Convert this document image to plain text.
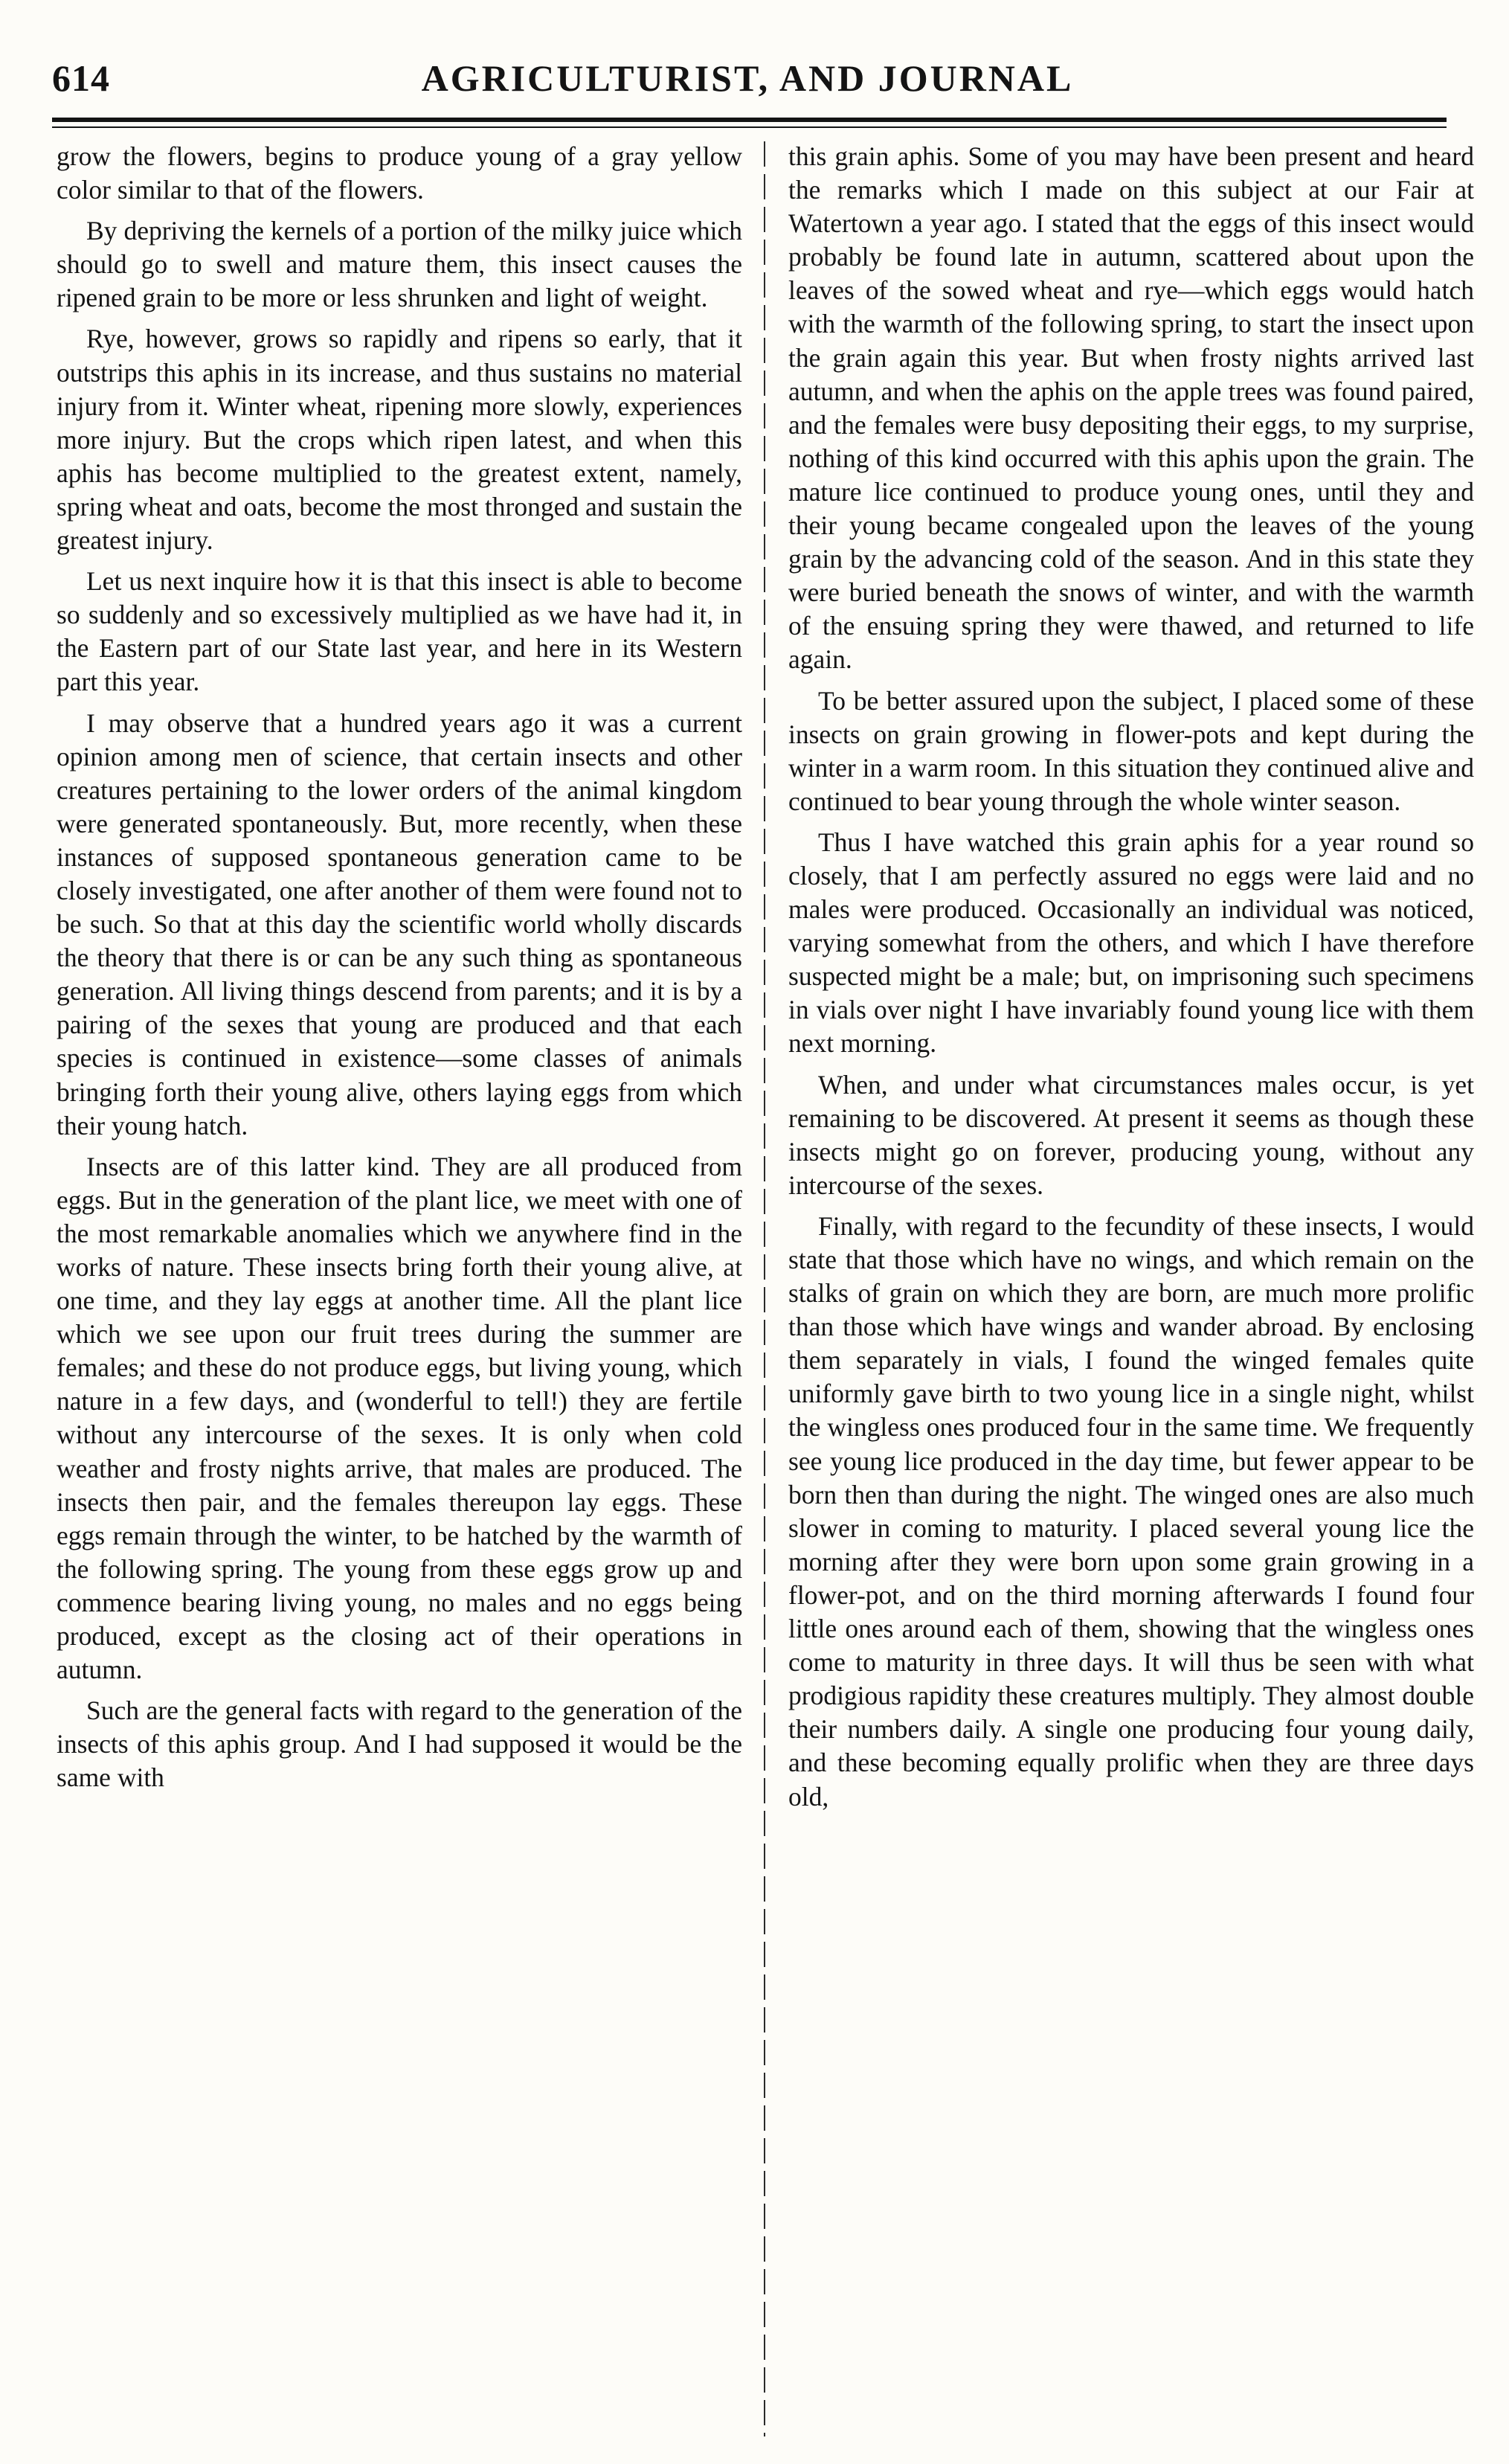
614	AGRICULTURIST, AND JOURNAL

grow the flowers, begins to produce young of a gray yellow color similar to that of the flowers.

By depriving the kernels of a portion of the milky juice which should go to swell and mature them, this insect causes the ripened grain to be more or less shrunken and light of weight.

Rye, however, grows so rapidly and ripens so early, that it outstrips this aphis in its increase, and thus sustains no material injury from it. Winter wheat, ripening more slowly, experiences more injury. But the crops which ripen latest, and when this aphis has become multiplied to the greatest extent, namely, spring wheat and oats, become the most thronged and sustain the greatest injury.

Let us next inquire how it is that this insect is able to become so suddenly and so excessively multiplied as we have had it, in the Eastern part of our State last year, and here in its Western part this year.

I may observe that a hundred years ago it was a current opinion among men of science, that certain insects and other creatures pertaining to the lower orders of the animal kingdom were generated spontaneously. But, more recently, when these instances of supposed spontaneous generation came to be closely investigated, one after another of them were found not to be such. So that at this day the scientific world wholly discards the theory that there is or can be any such thing as spontaneous generation. All living things descend from parents; and it is by a pairing of the sexes that young are produced and that each species is continued in existence—some classes of animals bringing forth their young alive, others laying eggs from which their young hatch.

Insects are of this latter kind. They are all produced from eggs. But in the generation of the plant lice, we meet with one of the most remarkable anomalies which we anywhere find in the works of nature. These insects bring forth their young alive, at one time, and they lay eggs at another time. All the plant lice which we see upon our fruit trees during the summer are females; and these do not produce eggs, but living young, which nature in a few days, and (wonderful to tell!) they are fertile without any intercourse of the sexes. It is only when cold weather and frosty nights arrive, that males are produced. The insects then pair, and the females thereupon lay eggs. These eggs remain through the winter, to be hatched by the warmth of the following spring. The young from these eggs grow up and commence bearing living young, no males and no eggs being produced, except as the closing act of their operations in autumn.

Such are the general facts with regard to the generation of the insects of this aphis group. And I had supposed it would be the same with

this grain aphis. Some of you may have been present and heard the remarks which I made on this subject at our Fair at Watertown a year ago. I stated that the eggs of this insect would probably be found late in autumn, scattered about upon the leaves of the sowed wheat and rye—which eggs would hatch with the warmth of the following spring, to start the insect upon the grain again this year. But when frosty nights arrived last autumn, and when the aphis on the apple trees was found paired, and the females were busy depositing their eggs, to my surprise, nothing of this kind occurred with this aphis upon the grain. The mature lice continued to produce young ones, until they and their young became congealed upon the leaves of the young grain by the advancing cold of the season. And in this state they were buried beneath the snows of winter, and with the warmth of the ensuing spring they were thawed, and returned to life again.

To be better assured upon the subject, I placed some of these insects on grain growing in flower-pots and kept during the winter in a warm room. In this situation they continued alive and continued to bear young through the whole winter season.

Thus I have watched this grain aphis for a year round so closely, that I am perfectly assured no eggs were laid and no males were produced. Occasionally an individual was noticed, varying somewhat from the others, and which I have therefore suspected might be a male; but, on imprisoning such specimens in vials over night I have invariably found young lice with them next morning.

When, and under what circumstances males occur, is yet remaining to be discovered. At present it seems as though these insects might go on forever, producing young, without any intercourse of the sexes.

Finally, with regard to the fecundity of these insects, I would state that those which have no wings, and which remain on the stalks of grain on which they are born, are much more prolific than those which have wings and wander abroad. By enclosing them separately in vials, I found the winged females quite uniformly gave birth to two young lice in a single night, whilst the wingless ones produced four in the same time. We frequently see young lice produced in the day time, but fewer appear to be born then than during the night. The winged ones are also much slower in coming to maturity. I placed several young lice the morning after they were born upon some grain growing in a flower-pot, and on the third morning afterwards I found four little ones around each of them, showing that the wingless ones come to maturity in three days. It will thus be seen with what prodigious rapidity these creatures multiply. They almost double their numbers daily. A single one producing four young daily, and these becoming equally prolific when they are three days old,
